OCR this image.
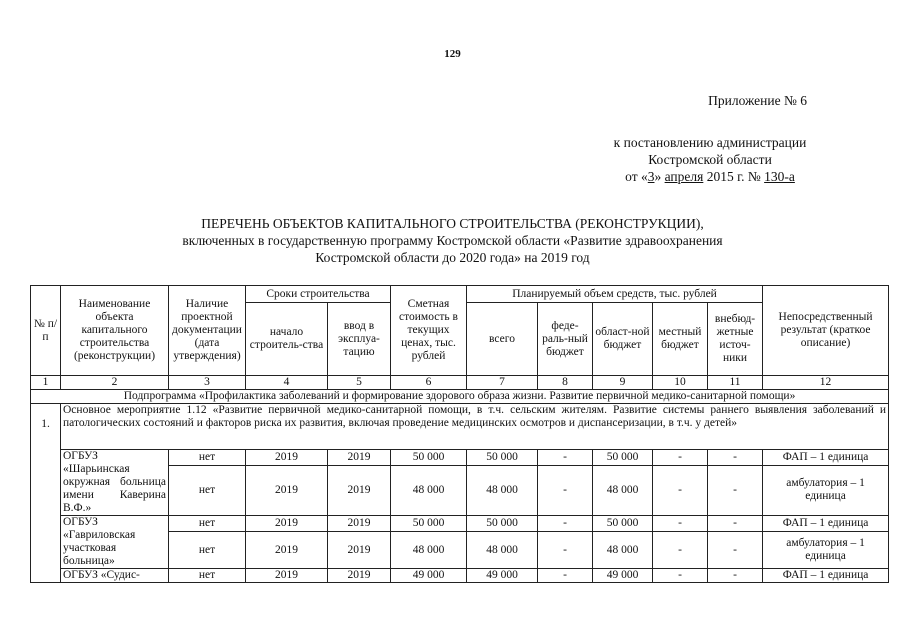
129
Приложение № 6
к постановлению администрации
Костромской области
от «3» апреля 2015 г. № 130-а
ПЕРЕЧЕНЬ ОБЪЕКТОВ КАПИТАЛЬНОГО СТРОИТЕЛЬСТВА (РЕКОНСТРУКЦИИ),
включенных в государственную программу Костромской области «Развитие здравоохранения
Костромской области до 2020 года» на 2019 год
№ п/п	Наименование объекта капитального строительства (реконструкции)	Наличие проектной документации (дата утверждения)	Сроки строительства		Сметная стоимость в текущих ценах, тыс. рублей	Планируемый объем средств, тыс. рублей					Непосредственный результат (краткое описание)
			начало строитель-ства	ввод в эксплуа-тацию		всего	феде-раль-ный бюджет	област-ной бюджет	местный бюджет	внебюд-жетные источ-ники	
1	2	3	4	5	6	7	8	9	10	11	12
Подпрограмма «Профилактика заболеваний и формирование здорового образа жизни. Развитие первичной медико-санитарной помощи»											
1.	Основное мероприятие 1.12 «Развитие первичной медико-санитарной помощи, в т.ч. сельским жителям. Развитие системы раннего выявления заболеваний и патологических состояний и факторов риска их развития, включая проведение медицинских осмотров и диспансеризации, в т.ч. у детей»										
	ОГБУЗ «Шарьинская окружная больница имени Каверина В.Ф.»	нет	2019	2019	50 000	50 000	-	50 000	-	-	ФАП – 1 единица
		нет	2019	2019	48 000	48 000	-	48 000	-	-	амбулатория – 1 единица
	ОГБУЗ «Гавриловская участковая больница»	нет	2019	2019	50 000	50 000	-	50 000	-	-	ФАП – 1 единица
		нет	2019	2019	48 000	48 000	-	48 000	-	-	амбулатория – 1 единица
	ОГБУЗ «Судис-	нет	2019	2019	49 000	49 000	-	49 000	-	-	ФАП – 1 единица
